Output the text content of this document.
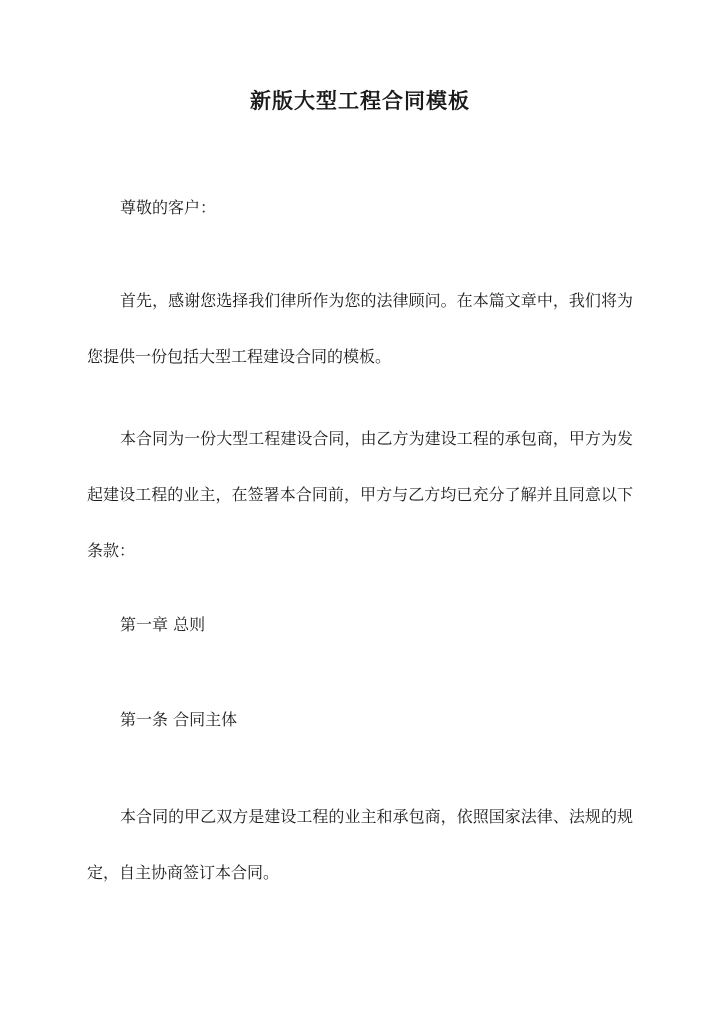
新版大型工程合同模板
尊敬的客户：
首先，感谢您选择我们律所作为您的法律顾问。在本篇文章中，我们将为您提供一份包括大型工程建设合同的模板。
本合同为一份大型工程建设合同，由乙方为建设工程的承包商，甲方为发起建设工程的业主，在签署本合同前，甲方与乙方均已充分了解并且同意以下条款：
第一章 总则
第一条 合同主体
本合同的甲乙双方是建设工程的业主和承包商，依照国家法律、法规的规定，自主协商签订本合同。
